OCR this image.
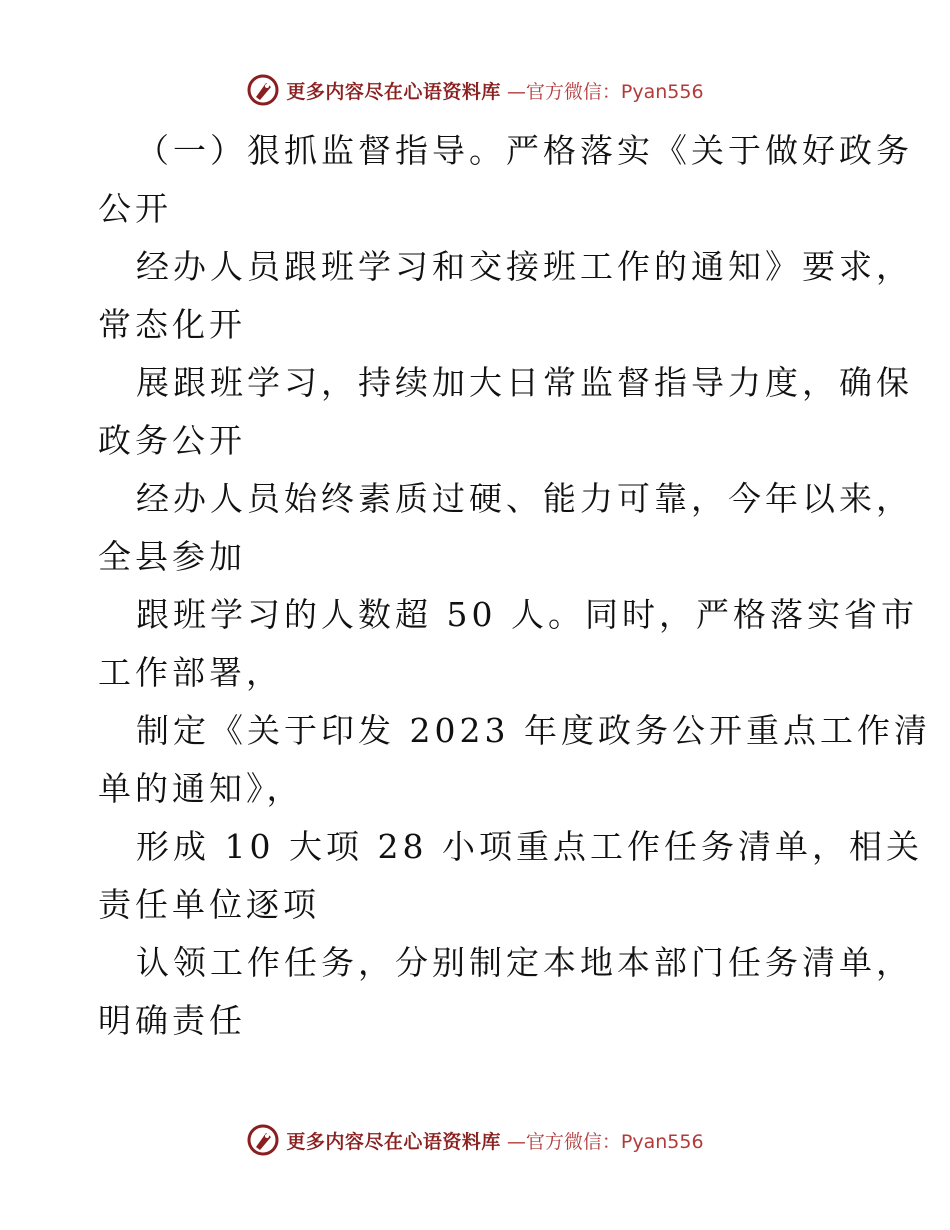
更多内容尽在心语资料库 —官方微信：Pyan556
（一）狠抓监督指导。严格落实《关于做好政务
公开
经办人员跟班学习和交接班工作的通知》要求，
常态化开
展跟班学习，持续加大日常监督指导力度，确保
政务公开
经办人员始终素质过硬、能力可靠，今年以来，
全县参加
跟班学习的人数超 50 人。同时，严格落实省市
工作部署，
制定《关于印发 2023 年度政务公开重点工作清
单的通知》，
形成 10 大项 28 小项重点工作任务清单，相关
责任单位逐项
认领工作任务，分别制定本地本部门任务清单，
明确责任
更多内容尽在心语资料库 —官方微信：Pyan556
